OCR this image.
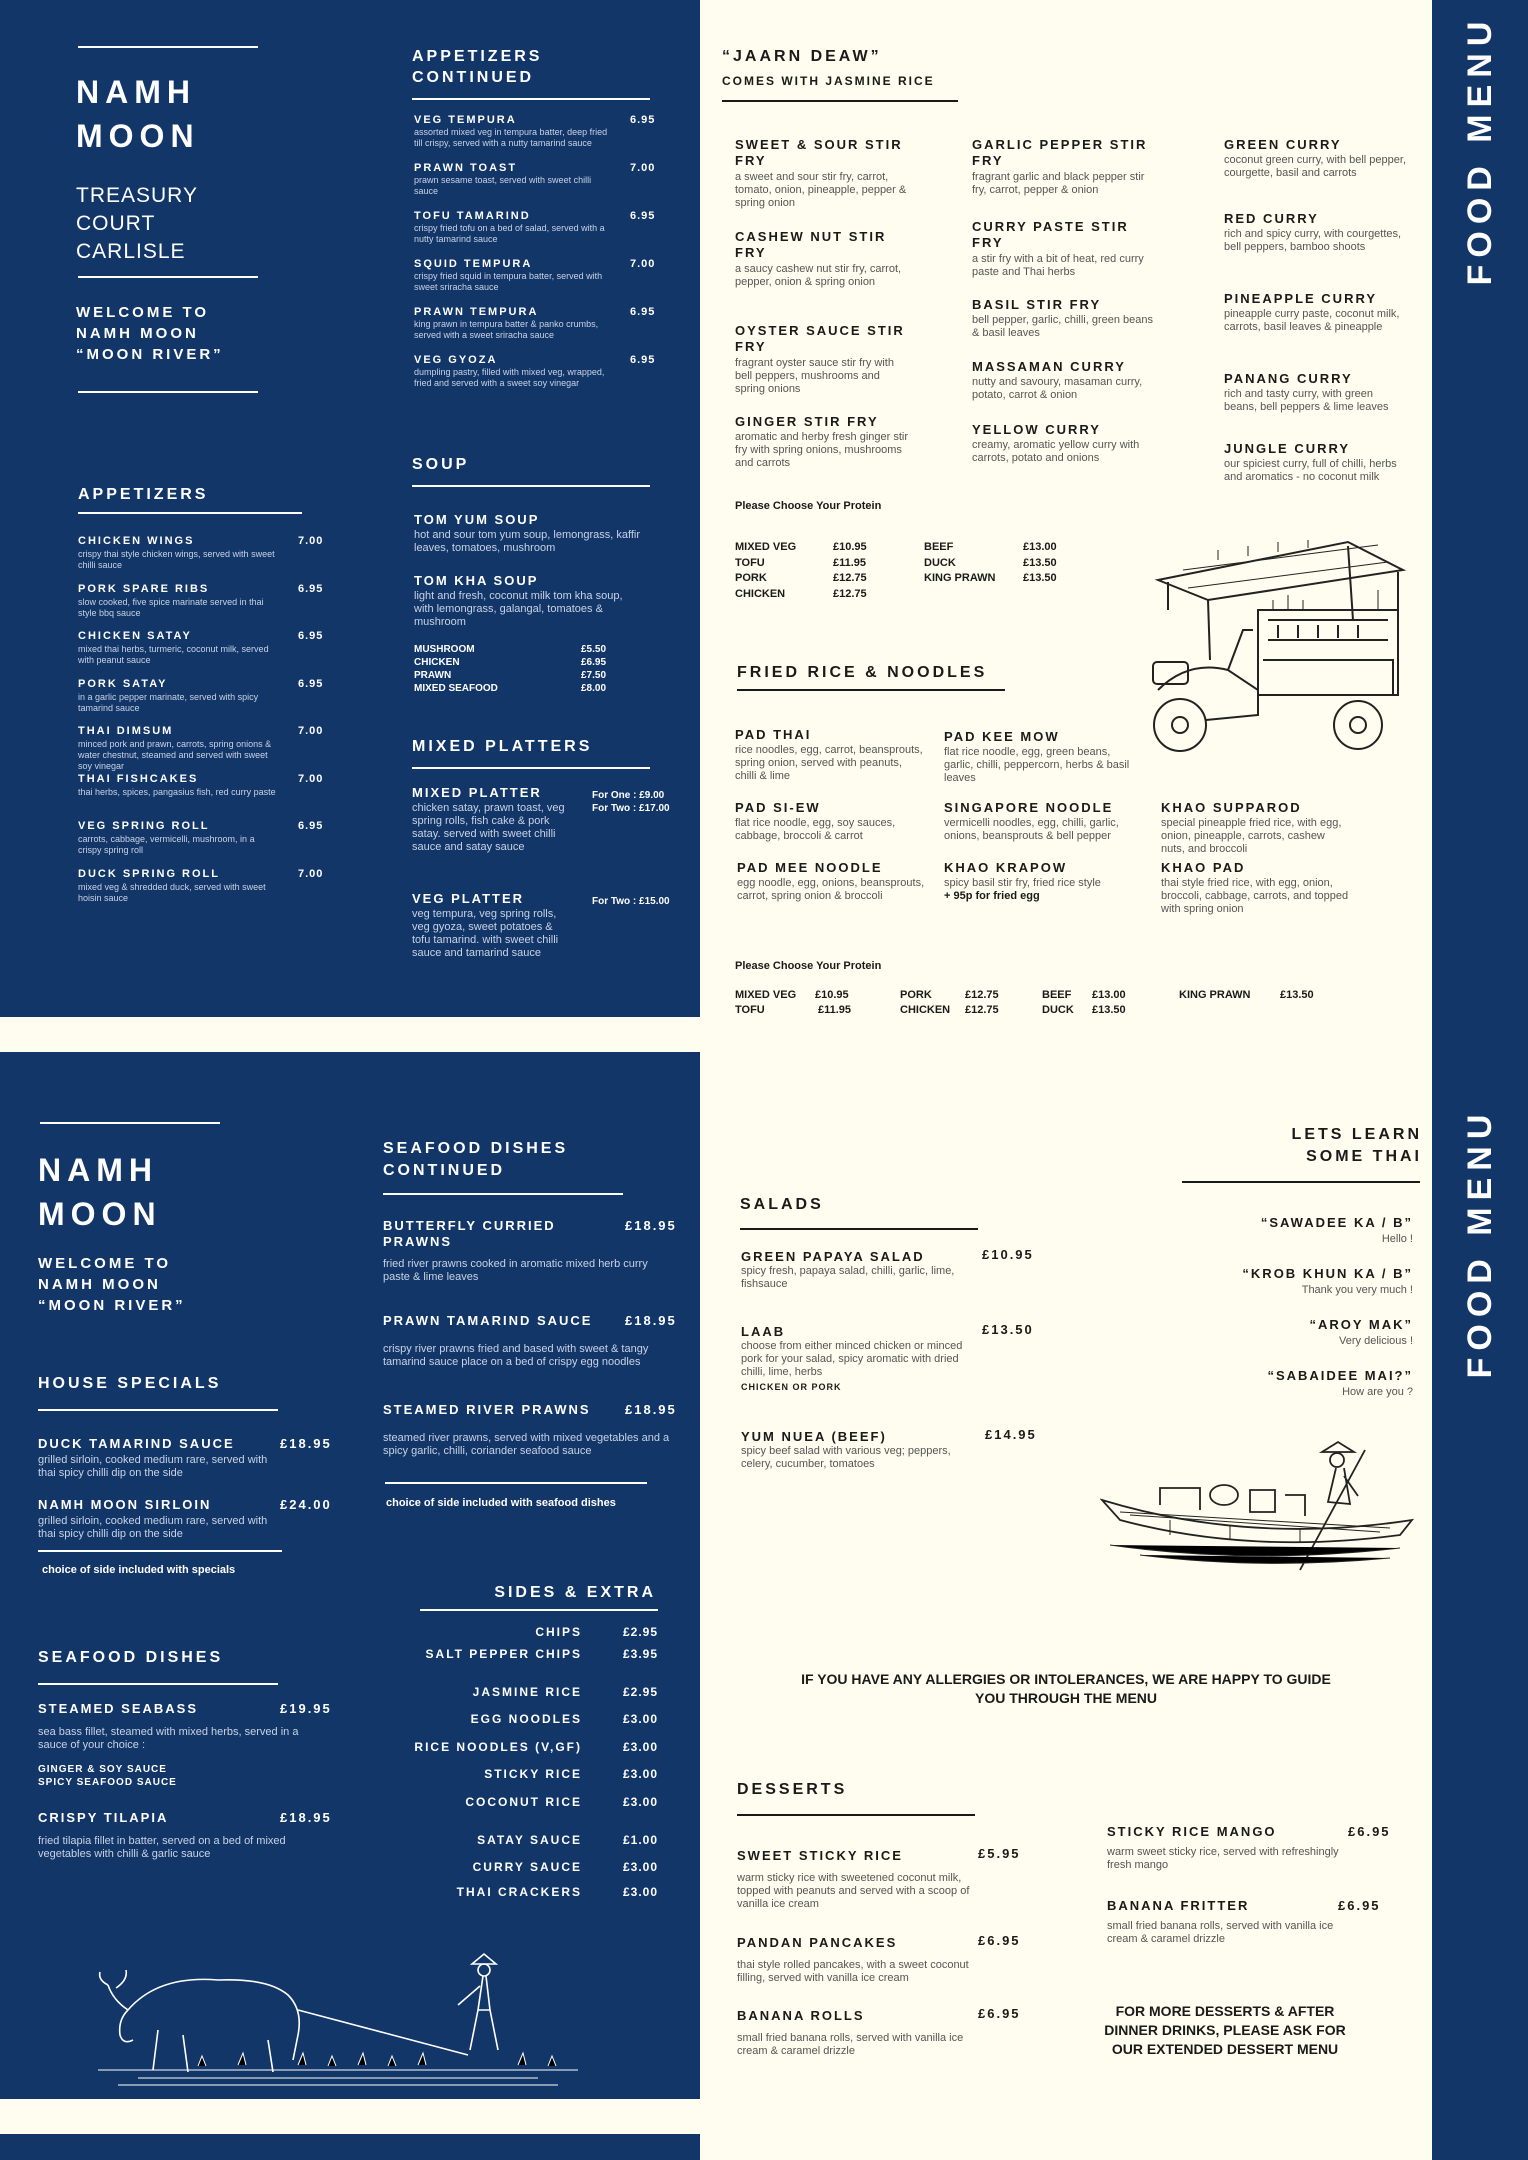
FOOD MENU
NAMH
MOON
TREASURY
COURT
CARLISLE
WELCOME TO
NAMH MOON
“MOON RIVER”
APPETIZERS
CHICKEN WINGS
crispy thai style chicken wings, served with sweet chilli sauce
7.00
PORK SPARE RIBS
slow cooked, five spice marinate served in thai style bbq sauce
6.95
CHICKEN SATAY
mixed thai herbs, turmeric, coconut milk, served with peanut sauce
6.95
PORK SATAY
in a garlic pepper marinate, served with spicy tamarind sauce
6.95
THAI DIMSUM
minced pork and prawn, carrots, spring onions & water chestnut, steamed and served with sweet soy vinegar
7.00
THAI FISHCAKES
thai herbs, spices, pangasius fish, red curry paste
7.00
VEG SPRING ROLL
carrots, cabbage, vermicelli, mushroom, in a crispy spring roll
6.95
DUCK SPRING ROLL
mixed veg & shredded duck, served with sweet hoisin sauce
7.00
APPETIZERS
CONTINUED
VEG TEMPURA
assorted mixed veg in tempura batter, deep fried till crispy, served with a nutty tamarind sauce
6.95
PRAWN TOAST
prawn sesame toast, served with sweet chilli sauce
7.00
TOFU TAMARIND
crispy fried tofu on a bed of salad, served with a nutty tamarind sauce
6.95
SQUID TEMPURA
crispy fried squid in tempura batter, served with sweet sriracha sauce
7.00
PRAWN TEMPURA
king prawn in tempura batter & panko crumbs, served with a sweet sriracha sauce
6.95
VEG GYOZA
dumpling pastry, filled with mixed veg, wrapped, fried and served with a sweet soy vinegar
6.95
SOUP
TOM YUM SOUP
hot and sour tom yum soup, lemongrass, kaffir leaves, tomatoes, mushroom
TOM KHA SOUP
light and fresh, coconut milk tom kha soup, with lemongrass, galangal, tomatoes & mushroom
MUSHROOM	£5.50
CHICKEN	£6.95
PRAWN	£7.50
MIXED SEAFOOD	£8.00
MIXED PLATTERS
MIXED PLATTER
chicken satay, prawn toast, veg spring rolls, fish cake & pork satay. served with sweet chilli sauce and satay sauce
For One : £9.00
For Two : £17.00
VEG PLATTER
veg tempura, veg spring rolls, veg gyoza, sweet potatoes & tofu tamarind. with sweet chilli sauce and tamarind sauce
For Two : £15.00
“JAARN DEAW”
COMES WITH JASMINE RICE
SWEET & SOUR STIR FRY
a sweet and sour stir fry, carrot, tomato, onion, pineapple, pepper & spring onion
CASHEW NUT STIR FRY
a saucy cashew nut stir fry, carrot, pepper, onion & spring onion
OYSTER SAUCE STIR FRY
fragrant oyster sauce stir fry with bell peppers, mushrooms and spring onions
GINGER STIR FRY
aromatic and herby fresh ginger stir fry with spring onions, mushrooms and carrots
GARLIC PEPPER STIR FRY
fragrant garlic and black pepper stir fry, carrot, pepper & onion
CURRY PASTE STIR FRY
a stir fry with a bit of heat, red curry paste and Thai herbs
BASIL STIR FRY
bell pepper, garlic, chilli, green beans & basil leaves
MASSAMAN CURRY
nutty and savoury, masaman curry, potato, carrot & onion
YELLOW CURRY
creamy, aromatic yellow curry with carrots, potato and onions
GREEN CURRY
coconut green curry, with bell pepper, courgette, basil and carrots
RED CURRY
rich and spicy curry, with courgettes, bell peppers, bamboo shoots
PINEAPPLE CURRY
pineapple curry paste, coconut milk, carrots, basil leaves & pineapple
PANANG CURRY
rich and tasty curry, with green beans, bell peppers & lime leaves
JUNGLE CURRY
our spiciest curry, full of chilli, herbs and aromatics - no coconut milk
Please Choose Your Protein
MIXED VEG	£10.95
TOFU	£11.95
PORK	£12.75
CHICKEN	£12.75
BEEF	£13.00
DUCK	£13.50
KING PRAWN	£13.50
FRIED RICE & NOODLES
PAD THAI
rice noodles, egg, carrot, beansprouts, spring onion, served with peanuts, chilli & lime
PAD KEE MOW
flat rice noodle, egg, green beans, garlic, chilli, peppercorn, herbs & basil leaves
PAD SI-EW
flat rice noodle, egg, soy sauces, cabbage, broccoli & carrot
SINGAPORE NOODLE
vermicelli noodles, egg, chilli, garlic, onions, beansprouts & bell pepper
KHAO SUPPAROD
special pineapple fried rice, with egg, onion, pineapple, carrots, cashew nuts, and broccoli
PAD MEE NOODLE
egg noodle, egg, onions, beansprouts, carrot, spring onion & broccoli
KHAO KRAPOW
spicy basil stir fry, fried rice style
+ 95p for fried egg
KHAO PAD
thai style fried rice, with egg, onion, broccoli, cabbage, carrots, and topped with spring onion
Please Choose Your Protein
MIXED VEG £10.95
TOFU	£11.95
PORK	£12.75
CHICKEN £12.75
BEEF £13.00
DUCK £13.50
KING PRAWN	£13.50
FOOD MENU
NAMH
MOON
WELCOME TO
NAMH MOON
“MOON RIVER”
HOUSE SPECIALS
DUCK TAMARIND SAUCE
grilled sirloin, cooked medium rare, served with thai spicy chilli dip on the side
£18.95
NAMH MOON SIRLOIN
grilled sirloin, cooked medium rare, served with thai spicy chilli dip on the side
£24.00
choice of side included with specials
SEAFOOD DISHES
STEAMED SEABASS	£19.95
sea bass fillet, steamed with mixed herbs, served in a sauce of your choice :
GINGER & SOY SAUCE
SPICY SEAFOOD SAUCE
CRISPY TILAPIA	£18.95
fried tilapia fillet in batter, served on a bed of mixed vegetables with chilli & garlic sauce
SEAFOOD DISHES
CONTINUED
BUTTERFLY CURRIED PRAWNS
£18.95
fried river prawns cooked in aromatic mixed herb curry paste & lime leaves
PRAWN TAMARIND SAUCE	£18.95
crispy river prawns fried and based with sweet & tangy tamarind sauce place on a bed of crispy egg noodles
STEAMED RIVER PRAWNS	£18.95
steamed river prawns, served with mixed vegetables and a spicy garlic, chilli, coriander seafood sauce
choice of side included with seafood dishes
SIDES & EXTRA
CHIPS	£2.95
SALT PEPPER CHIPS	£3.95
JASMINE RICE	£2.95
EGG NOODLES	£3.00
RICE NOODLES (V,GF)	£3.00
STICKY RICE	£3.00
COCONUT RICE	£3.00
SATAY SAUCE	£1.00
CURRY SAUCE	£3.00
THAI CRACKERS	£3.00
LETS LEARN
SOME THAI
“SAWADEE KA / B”
Hello !
“KROB KHUN KA / B”
Thank you very much !
“AROY MAK”
Very delicious !
“SABAIDEE MAI?”
How are you ?
SALADS
GREEN PAPAYA SALAD	£10.95
spicy fresh, papaya salad, chilli, garlic, lime, fishsauce
LAAB	£13.50
choose from either minced chicken or minced pork for your salad, spicy aromatic with dried chilli, lime, herbs
CHICKEN OR PORK
YUM NUEA (BEEF)	£14.95
spicy beef salad with various veg; peppers, celery, cucumber, tomatoes
IF YOU HAVE ANY ALLERGIES OR INTOLERANCES, WE ARE HAPPY TO GUIDE
YOU THROUGH THE MENU
DESSERTS
SWEET STICKY RICE	£5.95
warm sticky rice with sweetened coconut milk, topped with peanuts and served with a scoop of vanilla ice cream
PANDAN PANCAKES	£6.95
thai style rolled pancakes, with a sweet coconut filling, served with vanilla ice cream
BANANA ROLLS	£6.95
small fried banana rolls, served with vanilla ice cream & caramel drizzle
STICKY RICE MANGO	£6.95
warm sweet sticky rice, served with refreshingly fresh mango
BANANA FRITTER	£6.95
small fried banana rolls, served with vanilla ice cream & caramel drizzle
FOR MORE DESSERTS & AFTER
DINNER DRINKS, PLEASE ASK FOR
OUR EXTENDED DESSERT MENU
